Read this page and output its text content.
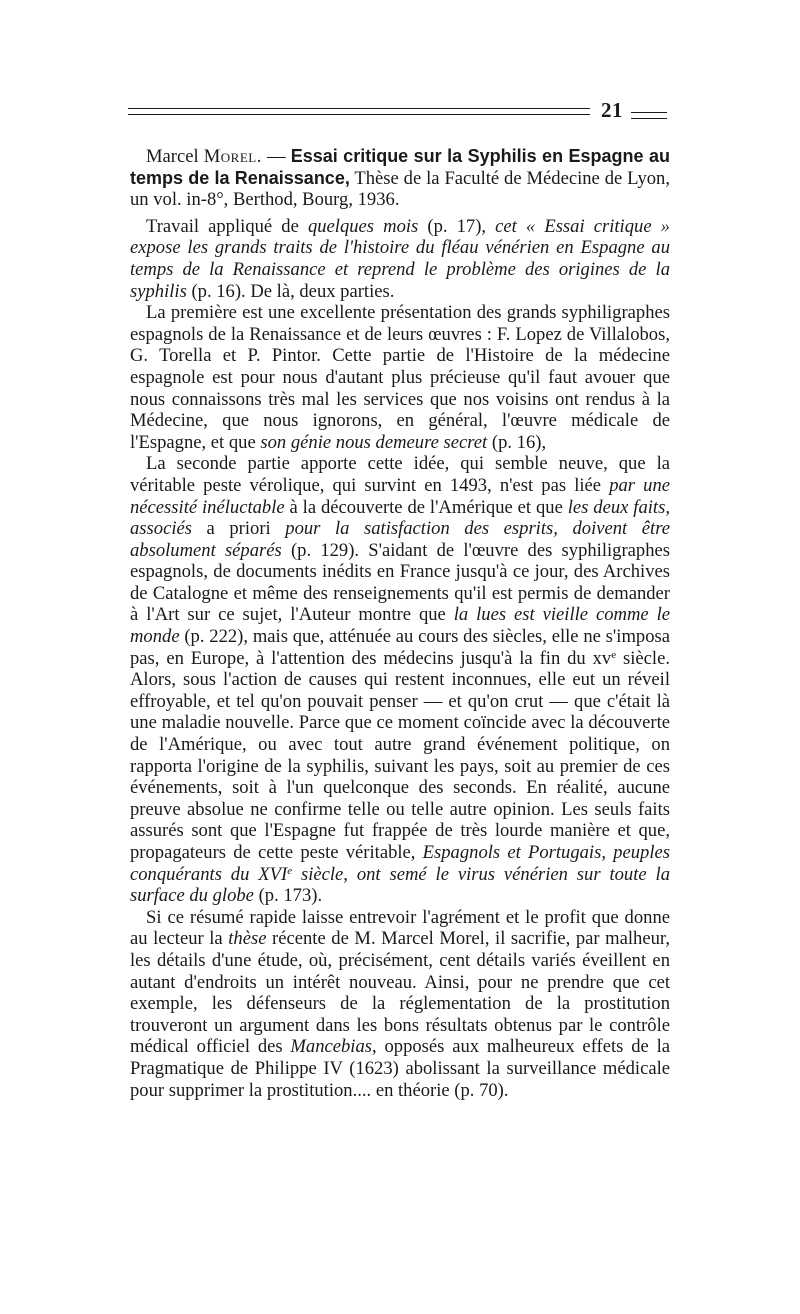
21

Marcel Morel. — Essai critique sur la Syphilis en Espagne au temps de la Renaissance, Thèse de la Faculté de Médecine de Lyon, un vol. in-8°, Berthod, Bourg, 1936.

Travail appliqué de quelques mois (p. 17), cet « Essai critique » expose les grands traits de l'histoire du fléau vénérien en Espagne au temps de la Renaissance et reprend le problème des origines de la syphilis (p. 16). De là, deux parties.

La première est une excellente présentation des grands syphiligraphes espagnols de la Renaissance et de leurs œuvres : F. Lopez de Villalobos, G. Torella et P. Pintor. Cette partie de l'Histoire de la médecine espagnole est pour nous d'autant plus précieuse qu'il faut avouer que nous connaissons très mal les services que nos voisins ont rendus à la Médecine, que nous ignorons, en général, l'œuvre médicale de l'Espagne, et que son génie nous demeure secret (p. 16),

La seconde partie apporte cette idée, qui semble neuve, que la véritable peste vérolique, qui survint en 1493, n'est pas liée par une nécessité inéluctable à la découverte de l'Amérique et que les deux faits, associés a priori pour la satisfaction des esprits, doivent être absolument séparés (p. 129). S'aidant de l'œuvre des syphiligraphes espagnols, de documents inédits en France jusqu'à ce jour, des Archives de Catalogne et même des renseignements qu'il est permis de demander à l'Art sur ce sujet, l'Auteur montre que la lues est vieille comme le monde (p. 222), mais que, atténuée au cours des siècles, elle ne s'imposa pas, en Europe, à l'attention des médecins jusqu'à la fin du $xv^e$ siècle. Alors, sous l'action de causes qui restent inconnues, elle eut un réveil effroyable, et tel qu'on pouvait penser — et qu'on crut — que c'était là une maladie nouvelle. Parce que ce moment coïncide avec la découverte de l'Amérique, ou avec tout autre grand événement politique, on rapporta l'origine de la syphilis, suivant les pays, soit au premier de ces événements, soit à l'un quelconque des seconds. En réalité, aucune preuve absolue ne confirme telle ou telle autre opinion. Les seuls faits assurés sont que l'Espagne fut frappée de très lourde manière et que, propagateurs de cette peste véritable, Espagnols et Portugais, peuples conquérants du XVIe siècle, ont semé le virus vénérien sur toute la surface du globe (p. 173).

Si ce résumé rapide laisse entrevoir l'agrément et le profit que donne au lecteur la thèse récente de M. Marcel Morel, il sacrifie, par malheur, les détails d'une étude, où, précisément, cent détails variés éveillent en autant d'endroits un intérêt nouveau. Ainsi, pour ne prendre que cet exemple, les défenseurs de la réglementation de la prostitution trouveront un argument dans les bons résultats obtenus par le contrôle médical officiel des Mancebias, opposés aux malheureux effets de la Pragmatique de Philippe IV (1623) abolissant la surveillance médicale pour supprimer la prostitution.... en théorie (p. 70).
